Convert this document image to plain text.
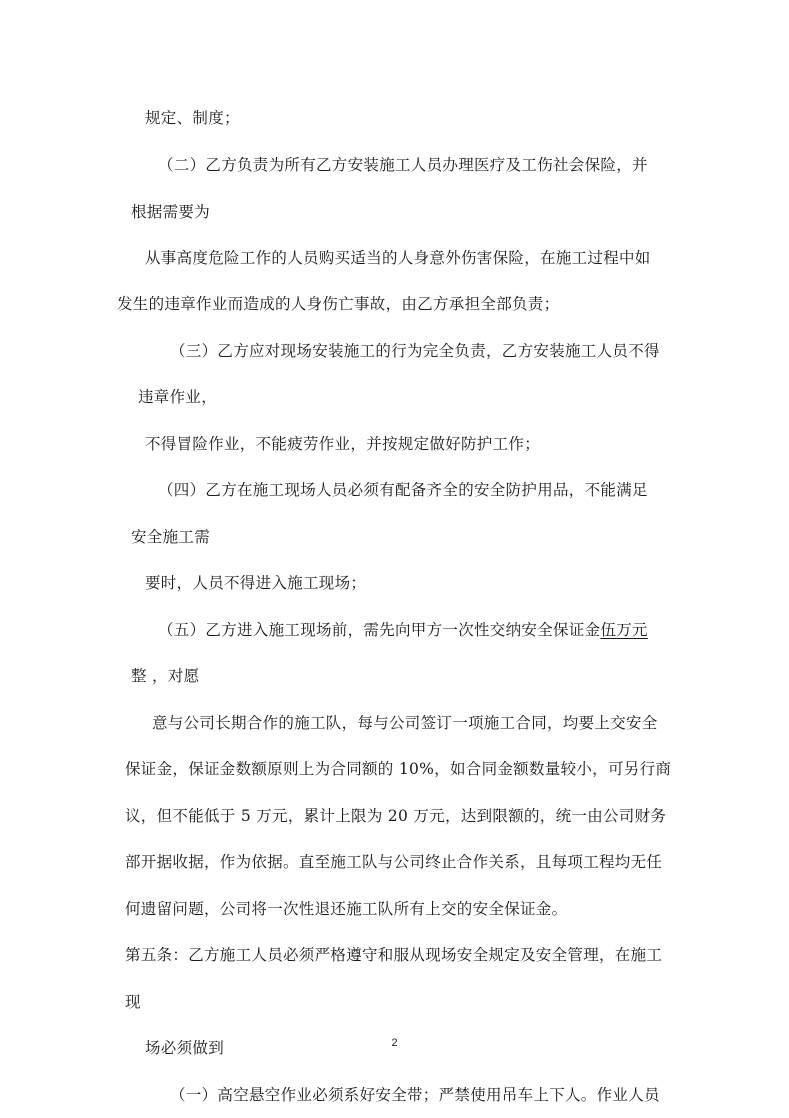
规定、制度；
（二）乙方负责为所有乙方安装施工人员办理医疗及工伤社会保险，并
根据需要为
从事高度危险工作的人员购买适当的人身意外伤害保险，在施工过程中如
发生的违章作业而造成的人身伤亡事故，由乙方承担全部负责；
（三）乙方应对现场安装施工的行为完全负责，乙方安装施工人员不得
违章作业，
不得冒险作业，不能疲劳作业，并按规定做好防护工作；
（四）乙方在施工现场人员必须有配备齐全的安全防护用品，不能满足
安全施工需
要时，人员不得进入施工现场；
（五）乙方进入施工现场前，需先向甲方一次性交纳安全保证金伍万元
整 ，对愿
意与公司长期合作的施工队，每与公司签订一项施工合同，均要上交安全
保证金，保证金数额原则上为合同额的 10%，如合同金额数量较小，可另行商
议，但不能低于 5 万元，累计上限为 20 万元，达到限额的，统一由公司财务
部开据收据，作为依据。直至施工队与公司终止合作关系，且每项工程均无任
何遗留问题，公司将一次性退还施工队所有上交的安全保证金。
第五条：乙方施工人员必须严格遵守和服从现场安全规定及安全管理，在施工
现
场必须做到
（一）高空悬空作业必须系好安全带；严禁使用吊车上下人。作业人员
2
